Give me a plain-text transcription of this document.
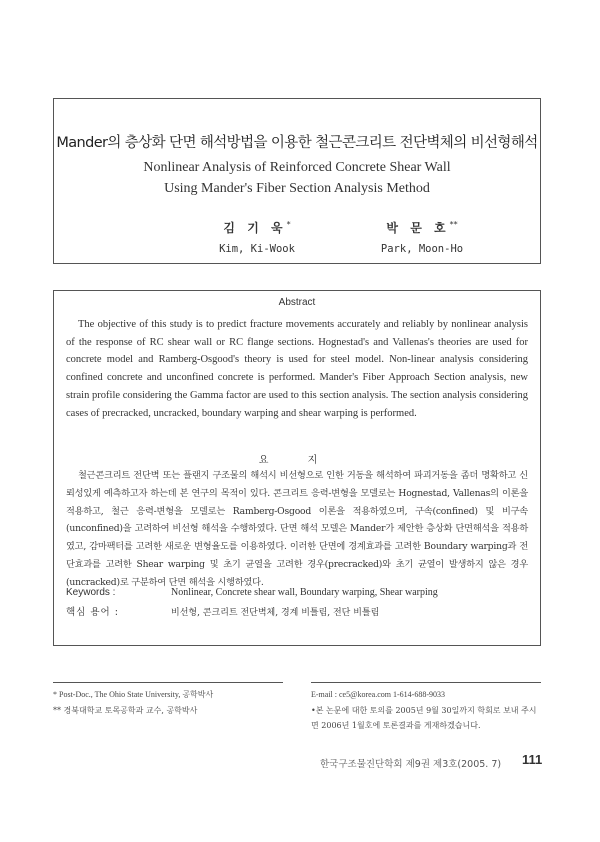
Mander의 층상화 단면 해석방법을 이용한 철근콘크리트 전단벽체의 비선형해석
Nonlinear Analysis of Reinforced Concrete Shear Wall
Using Mander's Fiber Section Analysis Method
김 기 욱*
Kim, Ki-Wook
박 문 호**
Park, Moon-Ho
Abstract
The objective of this study is to predict fracture movements accurately and reliably by nonlinear analysis of the response of RC shear wall or RC flange sections. Hognestad's and Vallenas's theories are used for concrete model and Ramberg-Osgood's theory is used for steel model. Non-linear analysis considering confined concrete and unconfined concrete is performed. Mander's Fiber Approach Section analysis, new strain profile considering the Gamma factor are used to this section analysis. The section analysis considering cases of precracked, uncracked, boundary warping and shear warping is performed.
요 지
철근콘크리트 전단벽 또는 플랜지 구조물의 해석시 비선형으로 인한 거동을 해석하여 파괴거동을 좀더 명확하고 신뢰성있게 예측하고자 하는데 본 연구의 목적이 있다. 콘크리트 응력-변형을 모델로는 Hognestad, Vallenas의 이론을 적용하고, 철근 응력-변형을 모델로는 Ramberg-Osgood 이론을 적용하였으며, 구속(confined) 및 비구속(unconfined)을 고려하여 비선형 해석을 수행하였다. 단면 해석 모델은 Mander가 제안한 층상화 단면해석을 적용하였고, 감마팩터를 고려한 새로운 변형율도를 이용하였다. 이러한 단면에 경계효과를 고려한 Boundary warping과 전단효과를 고려한 Shear warping 및 초기 균열을 고려한 경우(precracked)와 초기 균열이 발생하지 않은 경우(uncracked)로 구분하여 단면 해석을 시행하였다.
Keywords :	Nonlinear, Concrete shear wall, Boundary warping, Shear warping
핵심 용어 :	비선형, 콘크리트 전단벽체, 경계 비틀림, 전단 비틀림
* Post-Doc., The Ohio State University, 공학박사
** 경북대학교 토목공학과 교수, 공학박사
E-mail : ce5@korea.com 1-614-688-9033
•본 논문에 대한 토의를 2005년 9월 30일까지 학회로 보내 주시면 2006년 1월호에 토론결과를 게재하겠습니다.
한국구조물진단학회 제9권 제3호(2005. 7) 111
